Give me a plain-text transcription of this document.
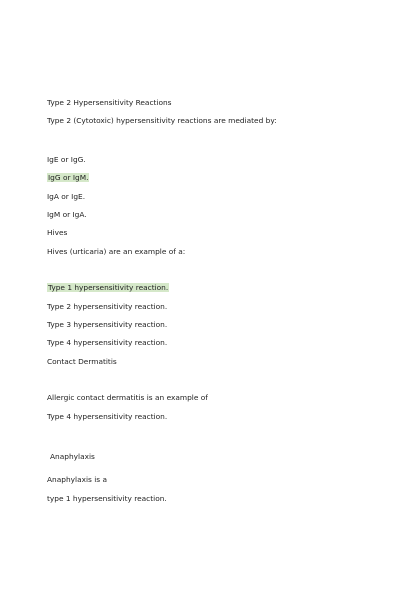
Type 2 Hypersensitivity Reactions
Type 2 (Cytotoxic) hypersensitivity reactions are mediated by:
IgE or IgG.
IgG or IgM.
IgA or IgE.
IgM or IgA.
Hives
Hives (urticaria) are an example of a:
Type 1 hypersensitivity reaction.
Type 2 hypersensitivity reaction.
Type 3 hypersensitivity reaction.
Type 4 hypersensitivity reaction.
Contact Dermatitis
Allergic contact dermatitis is an example of
Type 4 hypersensitivity reaction.
Anaphylaxis
Anaphylaxis is a
type 1 hypersensitivity reaction.
